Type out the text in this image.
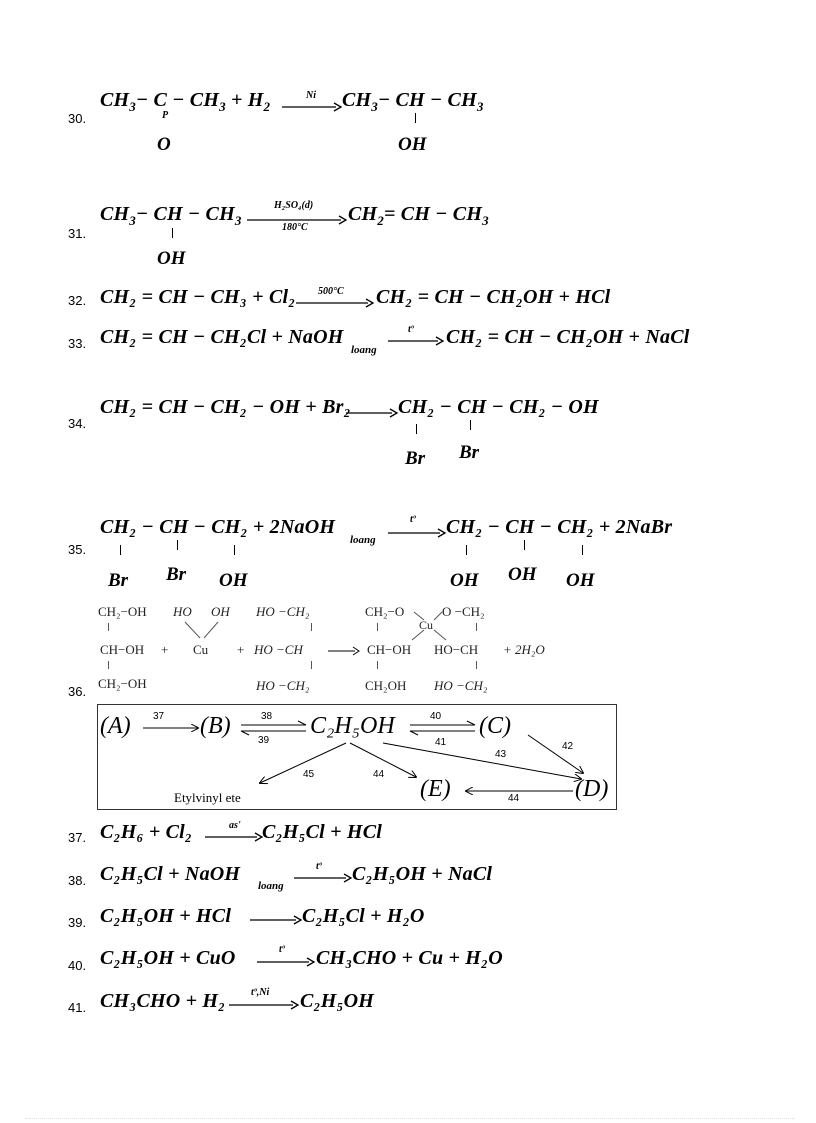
30.
$CH_3- C - CH_3 + H_2$
$Ni \to CH_3-$ CH − $CH_3$
P
O	OH
31.
$CH_3-$ CH − $CH_3$
H₂SO₄(d)
180°C
$CH_2=$ CH − $CH_3$
OH
32. CH₂ = CH − CH₃ + Cl₂ 500°C CH₂ = CH − CH₂OH + HCl
33. CH₂ = CH − CH₂Cl + NaOH
loang
tº → CH₂ = CH − CH₂OH + NaCl
34.
CH₂ = CH − CH₂ − OH + Br₂ → CH₂ − CH − CH₂ − OH
Br Br
35.
CH₂ − CH − CH₂ + 2NaOH
loang
tº → CH₂ − CH − CH₂ + 2NaBr
Br Br OH	OH OH OH
36.
CH₂−OH
CH−OH
CH₂−OH
+
HO OH
Cu +
HO −CH₂
HO −CH
HO −CH₂
CH₂−O
Cu
CH−OH
CH₂OH
O −CH₂
HO−CH
HO −CH₂
+ 2H₂O
(A)	(B)	C₂H₅OH	(C)
(D)
(E)
Etylvinyl ete
37	38
39
40
41	42
43
44
45
44
37. C₂H₆ + Cl₂	as' → C₂H₅Cl + HCl
38. C₂H₅Cl + NaOH
loang
tº → C₂H₅OH + NaCl
39. C₂H₅OH + HCl → C₂H₅Cl + H₂O
40. C₂H₅OH + CuO	tº → CH₃CHO + Cu + H₂O
41. CH₃CHO + H₂	tº,Ni C₂H₅OH
